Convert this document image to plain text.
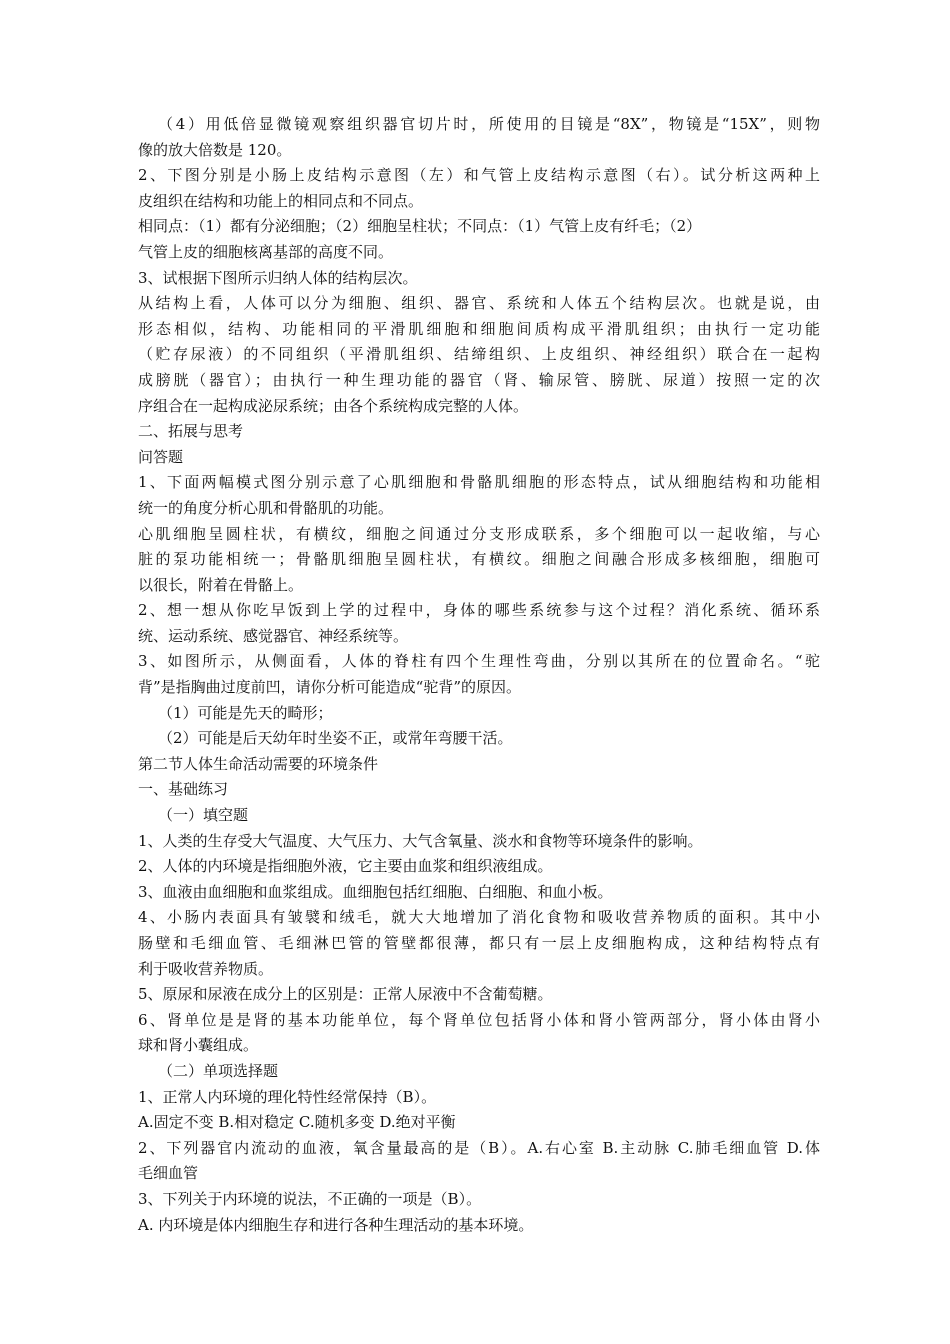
（4）用低倍显微镜观察组织器官切片时，所使用的目镜是“8X”，物镜是“15X”，则物

像的放大倍数是 120。

2、下图分别是小肠上皮结构示意图（左）和气管上皮结构示意图（右）。试分析这两种上

皮组织在结构和功能上的相同点和不同点。

相同点：（1）都有分泌细胞；（2）细胞呈柱状；不同点：（1）气管上皮有纤毛；（2）

气管上皮的细胞核离基部的高度不同。

3、试根据下图所示归纳人体的结构层次。

从结构上看，人体可以分为细胞、组织、器官、系统和人体五个结构层次。也就是说，由

形态相似，结构、功能相同的平滑肌细胞和细胞间质构成平滑肌组织；由执行一定功能

（贮存尿液）的不同组织（平滑肌组织、结缔组织、上皮组织、神经组织）联合在一起构

成膀胱（器官）；由执行一种生理功能的器官（肾、输尿管、膀胱、尿道）按照一定的次

序组合在一起构成泌尿系统；由各个系统构成完整的人体。

二、拓展与思考

问答题

1、下面两幅模式图分别示意了心肌细胞和骨骼肌细胞的形态特点，试从细胞结构和功能相

统一的角度分析心肌和骨骼肌的功能。

心肌细胞呈圆柱状，有横纹，细胞之间通过分支形成联系，多个细胞可以一起收缩，与心

脏的泵功能相统一；骨骼肌细胞呈圆柱状，有横纹。细胞之间融合形成多核细胞，细胞可

以很长，附着在骨骼上。

2、想一想从你吃早饭到上学的过程中，身体的哪些系统参与这个过程？消化系统、循环系

统、运动系统、感觉器官、神经系统等。

3、如图所示，从侧面看，人体的脊柱有四个生理性弯曲，分别以其所在的位置命名。“驼

背”是指胸曲过度前凹，请你分析可能造成“驼背”的原因。

（1）可能是先天的畸形；

（2）可能是后天幼年时坐姿不正，或常年弯腰干活。

第二节人体生命活动需要的环境条件

一、基础练习

（一）填空题

1、人类的生存受大气温度、大气压力、大气含氧量、淡水和食物等环境条件的影响。

2、人体的内环境是指细胞外液，它主要由血浆和组织液组成。

3、血液由血细胞和血浆组成。血细胞包括红细胞、白细胞、和血小板。

4、小肠内表面具有皱襞和绒毛，就大大地增加了消化食物和吸收营养物质的面积。其中小

肠壁和毛细血管、毛细淋巴管的管壁都很薄，都只有一层上皮细胞构成，这种结构特点有

利于吸收营养物质。

5、原尿和尿液在成分上的区别是：正常人尿液中不含葡萄糖。

6、肾单位是是肾的基本功能单位，每个肾单位包括肾小体和肾小管两部分，肾小体由肾小

球和肾小囊组成。

（二）单项选择题

1、正常人内环境的理化特性经常保持（B）。

A.固定不变 B.相对稳定 C.随机多变 D.绝对平衡

2、下列器官内流动的血液，氧含量最高的是（B）。A.右心室 B.主动脉 C.肺毛细血管 D.体

毛细血管

3、下列关于内环境的说法，不正确的一项是（B）。

A. 内环境是体内细胞生存和进行各种生理活动的基本环境。
